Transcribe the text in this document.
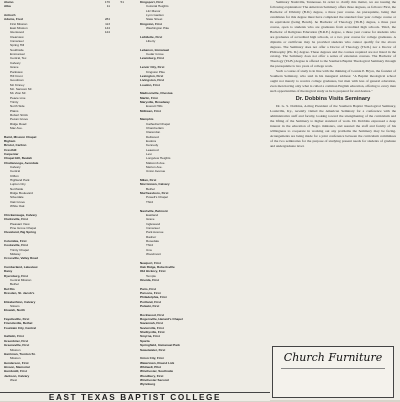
Alamo	176	51
Alba	11
Antioch
Adams, Fred	284
First Mission	113
East Mission	144
Glenwood	124
Clearview
Immanuel
Spring Hill
Southside
Emmanuel
Central, Tex
Calvary
Grace
Parkview
Hill Crest
Goodman
Mc Kinney
Mc. Sansom Mr.
Mt. Zion Mr.
Peace Line
Trinity
North Side
Plains
Robert Strick
Pecan Grove
Ridge Road
Mac Ave.
Baird, Mission Chapel
Bigham
Bristol, Carlton
Cresthill
Carpenter
Chapel Hill, Beulah
Chattanooga, Avondale
Calvary
Central
Clifton
Highland Park
Lupton City
Northside
Ridge Boulevard
Silverdale
Oak Grove
White Oak
Chickamauga, Calvary
Clarksville, First
Pleasant View
Pine Grove Chapel
Cleveland, Big Spring
Columbia, First
Cookeville, First
Trinity Chapel
Midway
Crossville, Valley Road
Cumberland, Lakeview
Daisy
Dyersburg, First
Central Mission
Bethel
Del Rio
Dresden, St. Jacob's
Elizabethton, Calvary
Siloam
Etowah, North
Fayetteville, First
Friendsville, Bethel
Fountain City, Central
Gallatin, First
Greenbrier, First
Greeneville, First
Mission
Harriman, Trenton St.
Mission
Henderson, First
Hixson, Memorial
Humboldt, First
Jackson, Calvary
West
Kingsport, First
Colonial Heights
Litz Manor
Lynn Garden
State Street
Kingston, First
Washington Pike
Lafollette, First
Liberty
Lebanon, Immanuel
Cedar Grove
Lewisburg, First
Lenoir City, First
Kingston Pike
Lexington, First
Livingston, First
Loudon, First
Madisonville, Chestua
Martin, First
Maryville, Broadway
Everett Hills
McEwen, First
Memphis
Cathedral Chapel
Chamberlain
Clarendon
Dellwood
Eudora
Kennedy
Leawood
Levi
Longview Heights
Malcomb Ave.
Merton Ave.
Union Avenue
Milan, First
Morristown, Calvary
Bethel
Murfreesboro, First
Powell's Chapel
Third
Nashville, Belmont
Eastland
Grace
Inglewood
Immanuel
Park Avenue
Radnor
Rosedale
Third
Una
Woodmont
Newport, First
Oak Ridge, Robertsville
Old Hickory, First
Temple
Oneida, First
Paris, First
Parsons, First
Philadelphia, First
Portland, First
Pulaski, First
Rockwood, First
Rogersville, Henard's Chapel
Savannah, First
Sevierville, First
Shelbyville, First
Smyrna, First
Sparta
Springfield, Immanuel Park
Sweetwater, First
Union City, First
Watertown, Round Lick
Whitwell, Pilot
Winchester, Southside
Woodbury, First
Winchester Second
Wynnburg

Seminary Nashville, Tennessee. In order to clarify this matter, we are issuing the following explanation: The American Seminary offers three degrees, as follows: First, the Bachelor of Divinity (B.D.) degree, a three year course. As prerequisite, being that candidates for this degree must have completed the standard four year college course or its equivalent (being Bench). he Bachelor of Theology (Th.B.) degree, a three year course, open to students who are graduates from accredited high schools. Third, the Bachelor of Religious Education (B.R.E.) degree, a three year course for students who are graduates of accredited high schools, or a two year course for college graduates. A diploma or certificate may be provided students who cannot qualify for the above degrees. The Seminary does not offer a Doctor of Theology (Th.D.) nor a Doctor of Philosophy (Ph. D.) degree. These degrees and the courses required are not listed in the catalog. The Seminary does not offer a series of extension courses. The Bachelor of Theology (Th.B.) degree is offered to the Southern Baptist Theological Seminary through the prerequisite is two years of college work.

Such a course of study is in line with the thinking of Lonnie P. Bryce, the founder of Southern Seminary, who said in his inaugural address: "A Baptist theological school ought not merely to receive college graduates, but men with less of general education, even men having only what is called a common English education, offering to every man such opportunities of theological study as he is prepared for and desires."

Dr. Dobbins Visits Seminary

Dr. G. S. Dobbins, Acting President of the Southern Baptist Theological Seminary, Louisville, Ky., recently visited the American Seminary for a conference with the administrative staff and faculty, looking toward the strengthening of the curriculum and the lifting of the Seminary to higher standard of work. Dr. Dobbins expressed a deep interest in the education of Negro ministers, and assured the staff and faculty of his willingness to cooperate in working out any problems the Seminary may be facing. Arrangements are being made for a joint conference between the curriculum committees of the two seminaries for the purpose of studying present needs for students of graduate and undergraduate level.

Church Furniture
EAST TEXAS BAPTIST COLLEGE
